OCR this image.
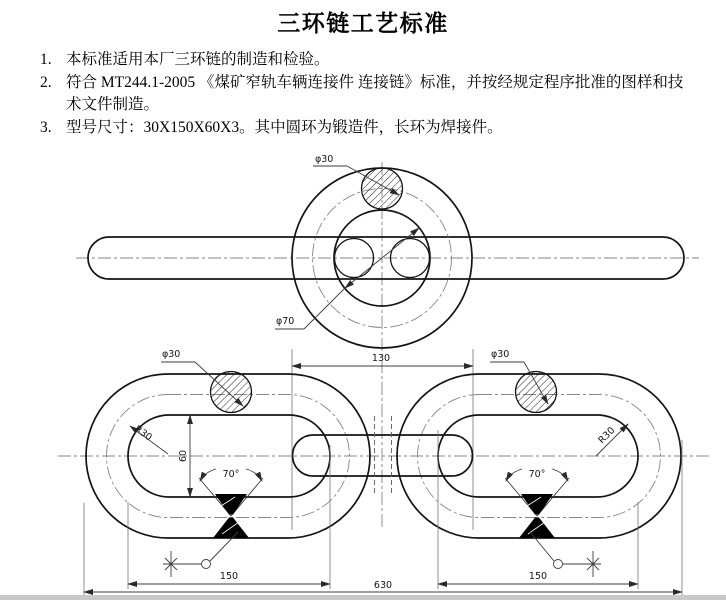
三环链工艺标准
1. 本标准适用本厂三环链的制造和检验。
2. 符合 MT244.1-2005 《煤矿窄轨车辆连接件 连接链》标准，并按经规定程序批准的图样和技术文件制造。
3. 型号尺寸：30X150X60X3。其中圆环为锻造件，长环为焊接件。
φ30
φ70
130
φ30	φ30
R30	R30
60
70°	70°
150	150
630
